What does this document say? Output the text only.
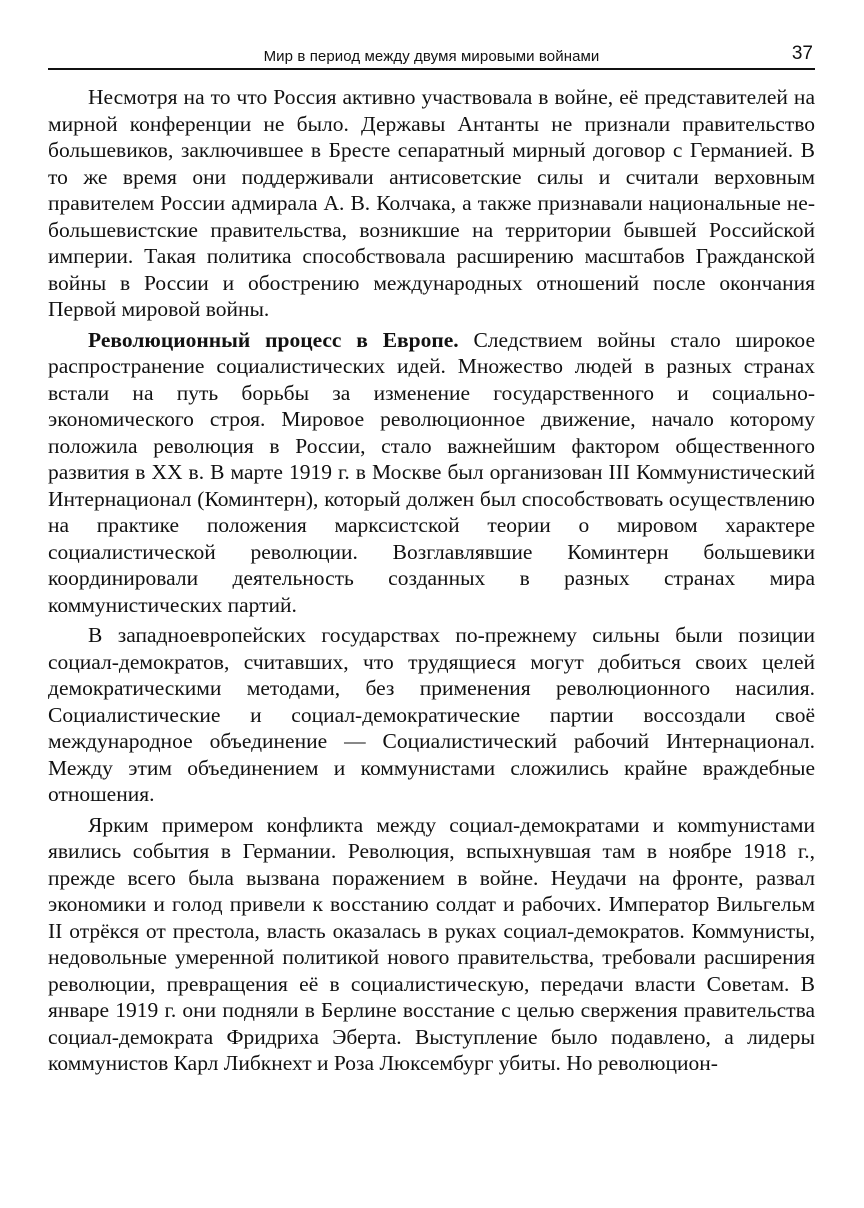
Мир в период между двумя мировыми войнами	37

Несмотря на то что Россия активно участвовала в войне, её представителей на мирной конференции не было. Державы Антанты не признали правительство большевиков, заключившее в Бресте сепаратный мирный договор с Германией. В то же время они поддерживали антисоветские силы и считали верховным правителем России адмирала А. В. Колчака, а также признавали национальные небольшевистские правительства, возникшие на территории бывшей Российской империи. Такая политика способствовала расширению масштабов Гражданской войны в России и обострению международных отношений после окончания Первой мировой войны.

Революционный процесс в Европе. Следствием войны стало широкое распространение социалистических идей. Множество людей в разных странах встали на путь борьбы за изменение государственного и социально-экономического строя. Мировое революционное движение, начало которому положила революция в России, стало важнейшим фактором общественного развития в XX в. В марте 1919 г. в Москве был организован III Коммунистический Интернационал (Коминтерн), который должен был способствовать осуществлению на практике положения марксистской теории о мировом характере социалистической революции. Возглавлявшие Коминтерн большевики координировали деятельность созданных в разных странах мира коммунистических партий.

В западноевропейских государствах по-прежнему сильны были позиции социал-демократов, считавших, что трудящиеся могут добиться своих целей демократическими методами, без применения революционного насилия. Социалистические и социал-демократические партии воссоздали своё международное объединение — Социалистический рабочий Интернационал. Между этим объединением и коммунистами сложились крайне враждебные отношения.

Ярким примером конфликта между социал-демократами и комmунистами явились события в Германии. Революция, вспыхнувшая там в ноябре 1918 г., прежде всего была вызвана поражением в войне. Неудачи на фронте, развал экономики и голод привели к восстанию солдат и рабочих. Император Вильгельм II отрёкся от престола, власть оказалась в руках социал-демократов. Коммунисты, недовольные умеренной политикой нового правительства, требовали расширения революции, превращения её в социалистическую, передачи власти Советам. В январе 1919 г. они подняли в Берлине восстание с целью свержения правительства социал-демократа Фридриха Эберта. Выступление было подавлено, а лидеры коммунистов Карл Либкнехт и Роза Люксембург убиты. Но революцион-
